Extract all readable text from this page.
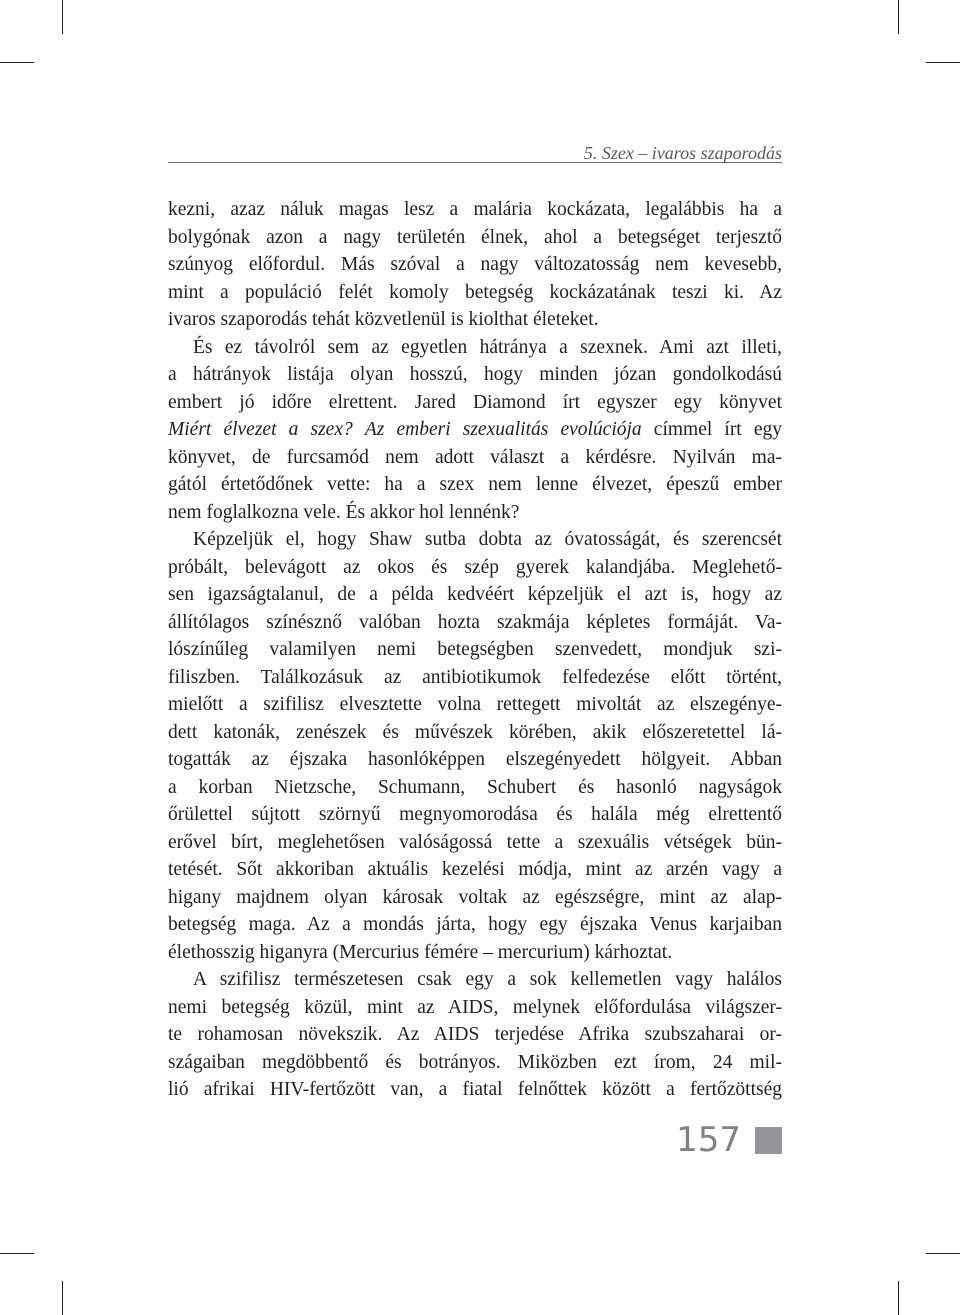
5. Szex – ivaros szaporodás

kezni, azaz náluk magas lesz a malária kockázata, legalábbis ha a
bolygónak azon a nagy területén élnek, ahol a betegséget terjesztő
szúnyog előfordul. Más szóval a nagy változatosság nem kevesebb,
mint a populáció felét komoly betegség kockázatának teszi ki. Az
ivaros szaporodás tehát közvetlenül is kiolthat életeket.

És ez távolról sem az egyetlen hátránya a szexnek. Ami azt illeti,
a hátrányok listája olyan hosszú, hogy minden józan gondolkodású
embert jó időre elrettent. Jared Diamond írt egyszer egy könyvet
Miért élvezet a szex? Az emberi szexualitás evolúciója címmel írt egy
könyvet, de furcsamód nem adott választ a kérdésre. Nyilván ma-
gától értetődőnek vette: ha a szex nem lenne élvezet, épeszű ember
nem foglalkozna vele. És akkor hol lennénk?

Képzeljük el, hogy Shaw sutba dobta az óvatosságát, és szerencsét
próbált, belevágott az okos és szép gyerek kalandjába. Meglehető-
sen igazságtalanul, de a példa kedvéért képzeljük el azt is, hogy az
állítólagos színésznő valóban hozta szakmája képletes formáját. Va-
lószínűleg valamilyen nemi betegségben szenvedett, mondjuk szi-
filiszben. Találkozásuk az antibiotikumok felfedezése előtt történt,
mielőtt a szifilisz elvesztette volna rettegett mivoltát az elszegénye-
dett katonák, zenészek és művészek körében, akik előszeretettel lá-
togatták az éjszaka hasonlóképpen elszegényedett hölgyeit. Abban
a korban Nietzsche, Schumann, Schubert és hasonló nagyságok
őrülettel sújtott szörnyű megnyomorodása és halála még elrettentő
erővel bírt, meglehetősen valóságossá tette a szexuális vétségek bün-
tetését. Sőt akkoriban aktuális kezelési módja, mint az arzén vagy a
higany majdnem olyan károsak voltak az egészségre, mint az alap-
betegség maga. Az a mondás járta, hogy egy éjszaka Venus karjaiban
élethosszig higanyra (Mercurius fémére – mercurium) kárhoztat.

A szifilisz természetesen csak egy a sok kellemetlen vagy halálos
nemi betegség közül, mint az AIDS, melynek előfordulása világszer-
te rohamosan növekszik. Az AIDS terjedése Afrika szubszaharai or-
szágaiban megdöbbentő és botrányos. Miközben ezt írom, 24 mil-
lió afrikai HIV-fertőzött van, a fiatal felnőttek között a fertőzöttség

157
